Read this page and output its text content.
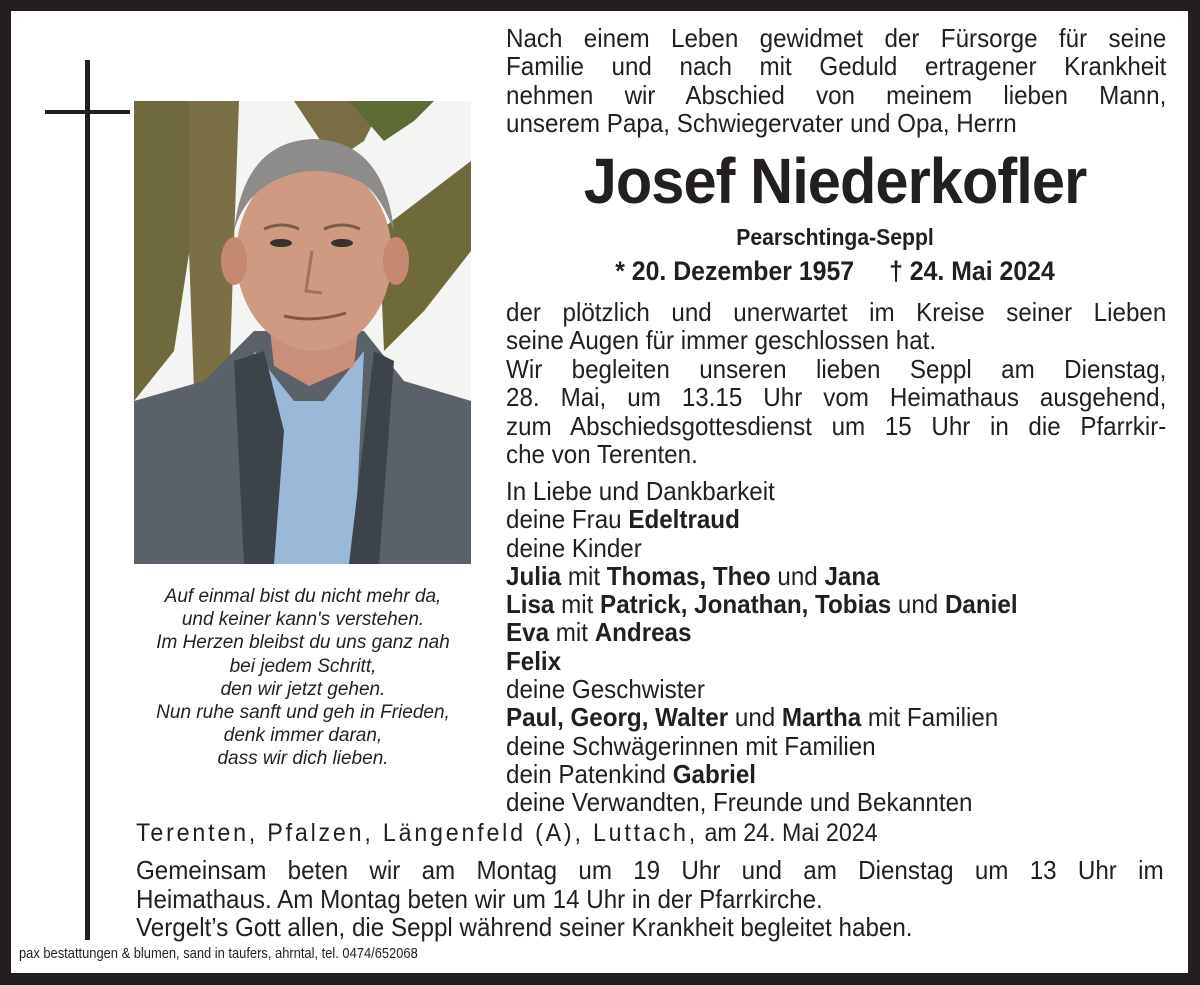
Auf einmal bist du nicht mehr da,
und keiner kann's verstehen.
Im Herzen bleibst du uns ganz nah
bei jedem Schritt,
den wir jetzt gehen.
Nun ruhe sanft und geh in Frieden,
denk immer daran,
dass wir dich lieben.
Nach einem Leben gewidmet der Fürsorge für seine
Familie und nach mit Geduld ertragener Krankheit
nehmen wir Abschied von meinem lieben Mann,
unserem Papa, Schwiegervater und Opa, Herrn
Josef Niederkofler
Pearschtinga-Seppl
* 20. Dezember 1957 † 24. Mai 2024
der plötzlich und unerwartet im Kreise seiner Lieben
seine Augen für immer geschlossen hat.
Wir begleiten unseren lieben Seppl am Dienstag,
28. Mai, um 13.15 Uhr vom Heimathaus ausgehend,
zum Abschiedsgottesdienst um 15 Uhr in die Pfarrkir-
che von Terenten.
In Liebe und Dankbarkeit
deine Frau Edeltraud
deine Kinder
Julia mit Thomas, Theo und Jana
Lisa mit Patrick, Jonathan, Tobias und Daniel
Eva mit Andreas
Felix
deine Geschwister
Paul, Georg, Walter und Martha mit Familien
deine Schwägerinnen mit Familien
dein Patenkind Gabriel
deine Verwandten, Freunde und Bekannten
Terenten, Pfalzen, Längenfeld (A), Luttach, am 24. Mai 2024
Gemeinsam beten wir am Montag um 19 Uhr und am Dienstag um 13 Uhr im
Heimathaus. Am Montag beten wir um 14 Uhr in der Pfarrkirche.
Vergelt’s Gott allen, die Seppl während seiner Krankheit begleitet haben.
pax bestattungen & blumen, sand in taufers, ahrntal, tel. 0474/652068
